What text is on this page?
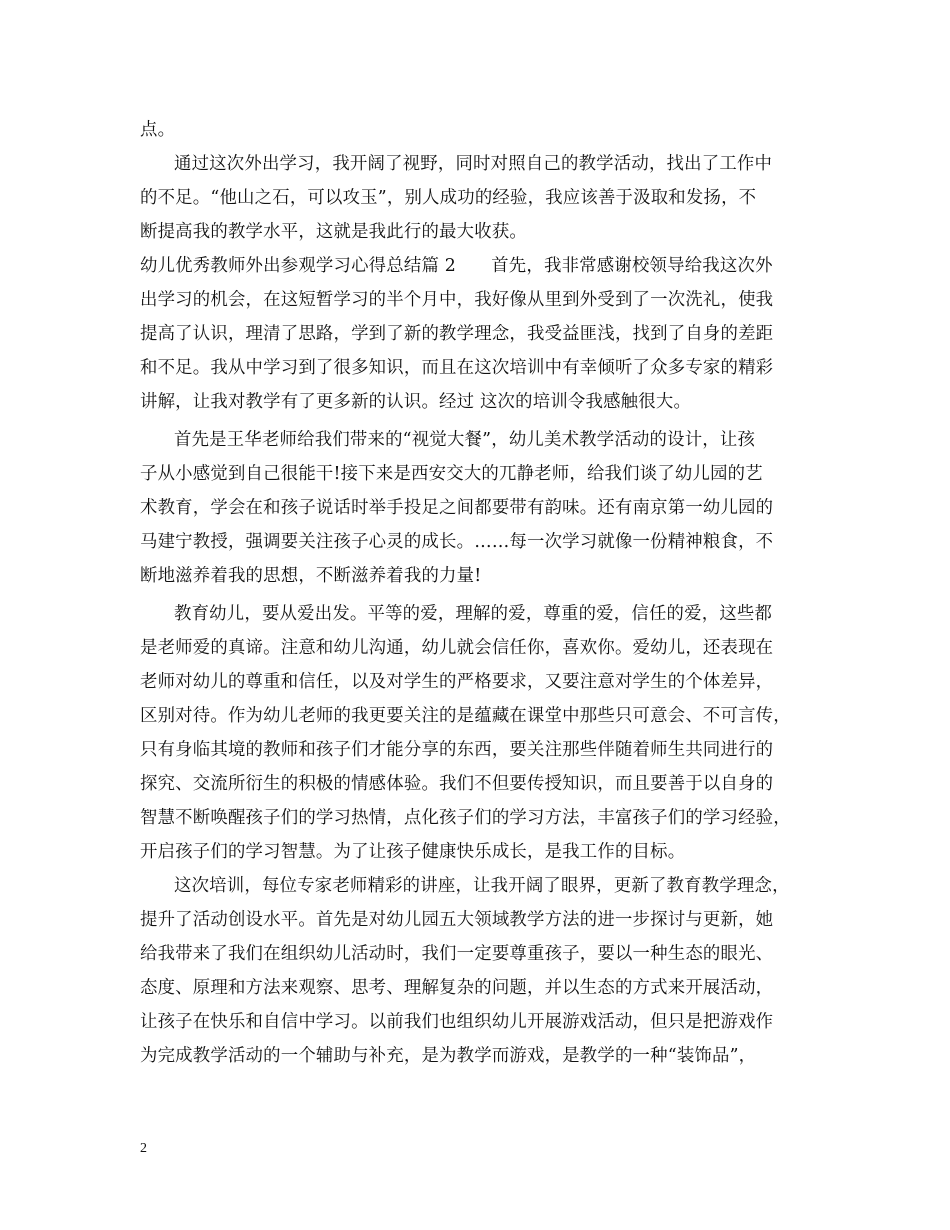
点。
通过这次外出学习，我开阔了视野，同时对照自己的教学活动，找出了工作中
的不足。“他山之石，可以攻玉”，别人成功的经验，我应该善于汲取和发扬，不
断提高我的教学水平，这就是我此行的最大收获。
幼儿优秀教师外出参观学习心得总结篇 2　　首先，我非常感谢校领导给我这次外
出学习的机会，在这短暂学习的半个月中，我好像从里到外受到了一次洗礼，使我
提高了认识，理清了思路，学到了新的教学理念，我受益匪浅，找到了自身的差距
和不足。我从中学习到了很多知识，而且在这次培训中有幸倾听了众多专家的精彩
讲解，让我对教学有了更多新的认识。经过 这次的培训令我感触很大。
首先是王华老师给我们带来的“视觉大餐”，幼儿美术教学活动的设计，让孩
子从小感觉到自己很能干!接下来是西安交大的兀静老师，给我们谈了幼儿园的艺
术教育，学会在和孩子说话时举手投足之间都要带有韵味。还有南京第一幼儿园的
马建宁教授，强调要关注孩子心灵的成长。……每一次学习就像一份精神粮食，不
断地滋养着我的思想，不断滋养着我的力量!
教育幼儿，要从爱出发。平等的爱，理解的爱，尊重的爱，信任的爱，这些都
是老师爱的真谛。注意和幼儿沟通，幼儿就会信任你，喜欢你。爱幼儿，还表现在
老师对幼儿的尊重和信任，以及对学生的严格要求，又要注意对学生的个体差异，
区别对待。作为幼儿老师的我更要关注的是蕴藏在课堂中那些只可意会、不可言传，
只有身临其境的教师和孩子们才能分享的东西，要关注那些伴随着师生共同进行的
探究、交流所衍生的积极的情感体验。我们不但要传授知识，而且要善于以自身的
智慧不断唤醒孩子们的学习热情，点化孩子们的学习方法，丰富孩子们的学习经验，
开启孩子们的学习智慧。为了让孩子健康快乐成长，是我工作的目标。
这次培训，每位专家老师精彩的讲座，让我开阔了眼界，更新了教育教学理念，
提升了活动创设水平。首先是对幼儿园五大领域教学方法的进一步探讨与更新，她
给我带来了我们在组织幼儿活动时，我们一定要尊重孩子，要以一种生态的眼光、
态度、原理和方法来观察、思考、理解复杂的问题，并以生态的方式来开展活动，
让孩子在快乐和自信中学习。以前我们也组织幼儿开展游戏活动，但只是把游戏作
为完成教学活动的一个辅助与补充，是为教学而游戏，是教学的一种“装饰品”，
2
